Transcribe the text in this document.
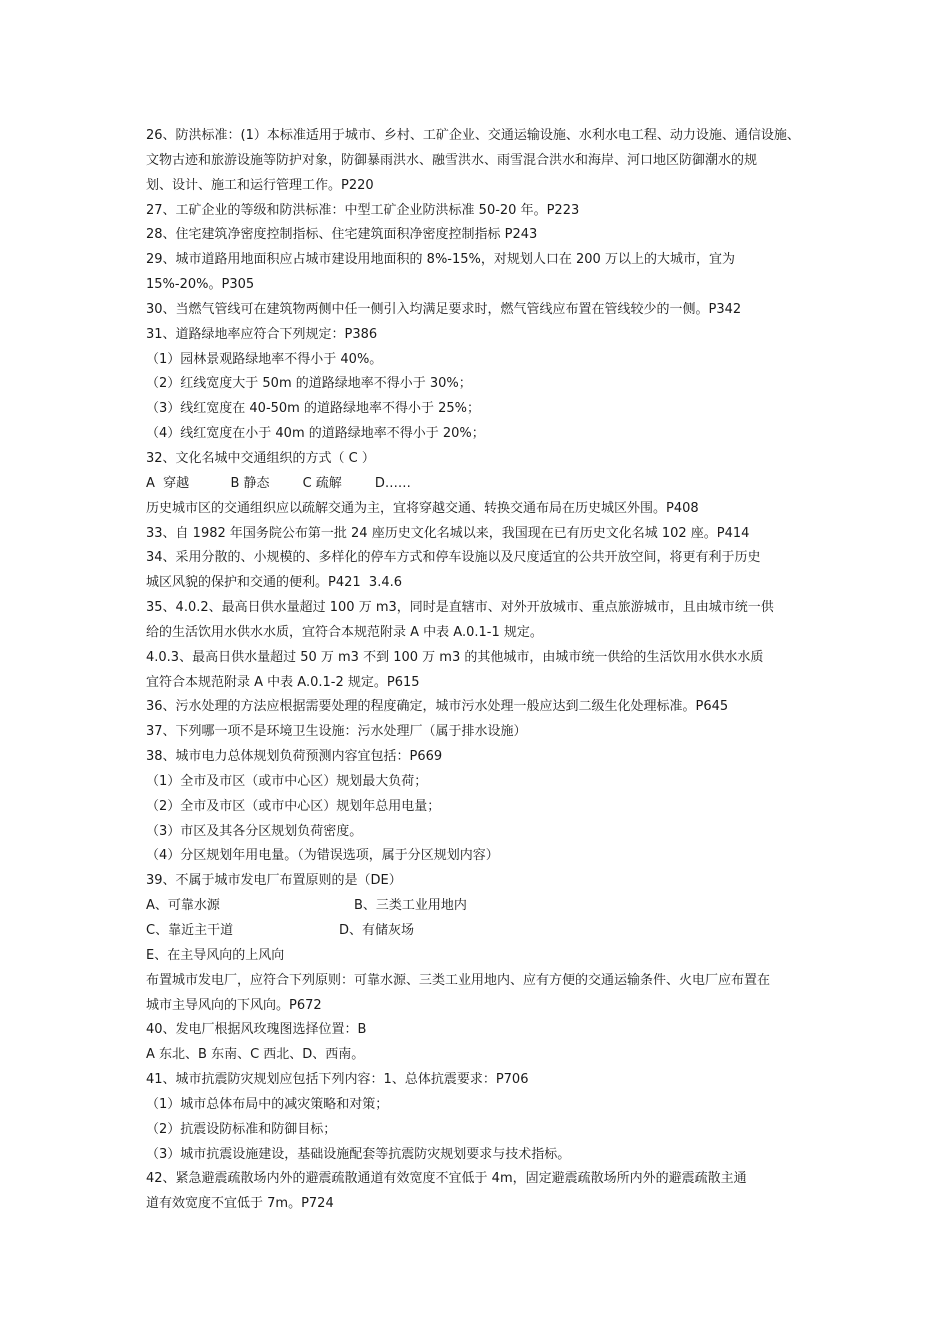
26、防洪标准：(1）本标准适用于城市、乡村、工矿企业、交通运输设施、水利水电工程、动力设施、通信设施、
文物古迹和旅游设施等防护对象，防御暴雨洪水、融雪洪水、雨雪混合洪水和海岸、河口地区防御潮水的规
划、设计、施工和运行管理工作。P220
27、工矿企业的等级和防洪标准：中型工矿企业防洪标准 50-20 年。P223
28、住宅建筑净密度控制指标、住宅建筑面积净密度控制指标 P243
29、城市道路用地面积应占城市建设用地面积的 8%-15%，对规划人口在 200 万以上的大城市，宜为
15%-20%。P305
30、当燃气管线可在建筑物两侧中任一侧引入均满足要求时，燃气管线应布置在管线较少的一侧。P342
31、道路绿地率应符合下列规定：P386
（1）园林景观路绿地率不得小于 40%。
（2）红线宽度大于 50m 的道路绿地率不得小于 30%；
（3）线红宽度在 40-50m 的道路绿地率不得小于 25%；
（4）线红宽度在小于 40m 的道路绿地率不得小于 20%；
32、文化名城中交通组织的方式（ C ）
A  穿越          B 静态        C 疏解        D……
历史城市区的交通组织应以疏解交通为主，宜将穿越交通、转换交通布局在历史城区外围。P408
33、自 1982 年国务院公布第一批 24 座历史文化名城以来，我国现在已有历史文化名城 102 座。P414
34、采用分散的、小规模的、多样化的停车方式和停车设施以及尺度适宜的公共开放空间，将更有利于历史
城区风貌的保护和交通的便利。P421  3.4.6
35、4.0.2、最高日供水量超过 100 万 m3，同时是直辖市、对外开放城市、重点旅游城市，且由城市统一供
给的生活饮用水供水水质，宜符合本规范附录 A 中表 A.0.1-1 规定。
4.0.3、最高日供水量超过 50 万 m3 不到 100 万 m3 的其他城市，由城市统一供给的生活饮用水供水水质
宜符合本规范附录 A 中表 A.0.1-2 规定。P615
36、污水处理的方法应根据需要处理的程度确定，城市污水处理一般应达到二级生化处理标准。P645
37、下列哪一项不是环境卫生设施：污水处理厂（属于排水设施）
38、城市电力总体规划负荷预测内容宜包括：P669
（1）全市及市区（或市中心区）规划最大负荷；
（2）全市及市区（或市中心区）规划年总用电量；
（3）市区及其各分区规划负荷密度。
（4）分区规划年用电量。（为错误选项，属于分区规划内容）
39、不属于城市发电厂布置原则的是（DE）
A、可靠水源	B、三类工业用地内
C、靠近主干道	D、有储灰场
E、在主导风向的上风向
布置城市发电厂，应符合下列原则：可靠水源、三类工业用地内、应有方便的交通运输条件、火电厂应布置在
城市主导风向的下风向。P672
40、发电厂根据风玫瑰图选择位置：B
A 东北、B 东南、C 西北、D、西南。
41、城市抗震防灾规划应包括下列内容：1、总体抗震要求：P706
（1）城市总体布局中的减灾策略和对策；
（2）抗震设防标准和防御目标；
（3）城市抗震设施建设，基础设施配套等抗震防灾规划要求与技术指标。
42、紧急避震疏散场内外的避震疏散通道有效宽度不宜低于 4m，固定避震疏散场所内外的避震疏散主通
道有效宽度不宜低于 7m。P724
